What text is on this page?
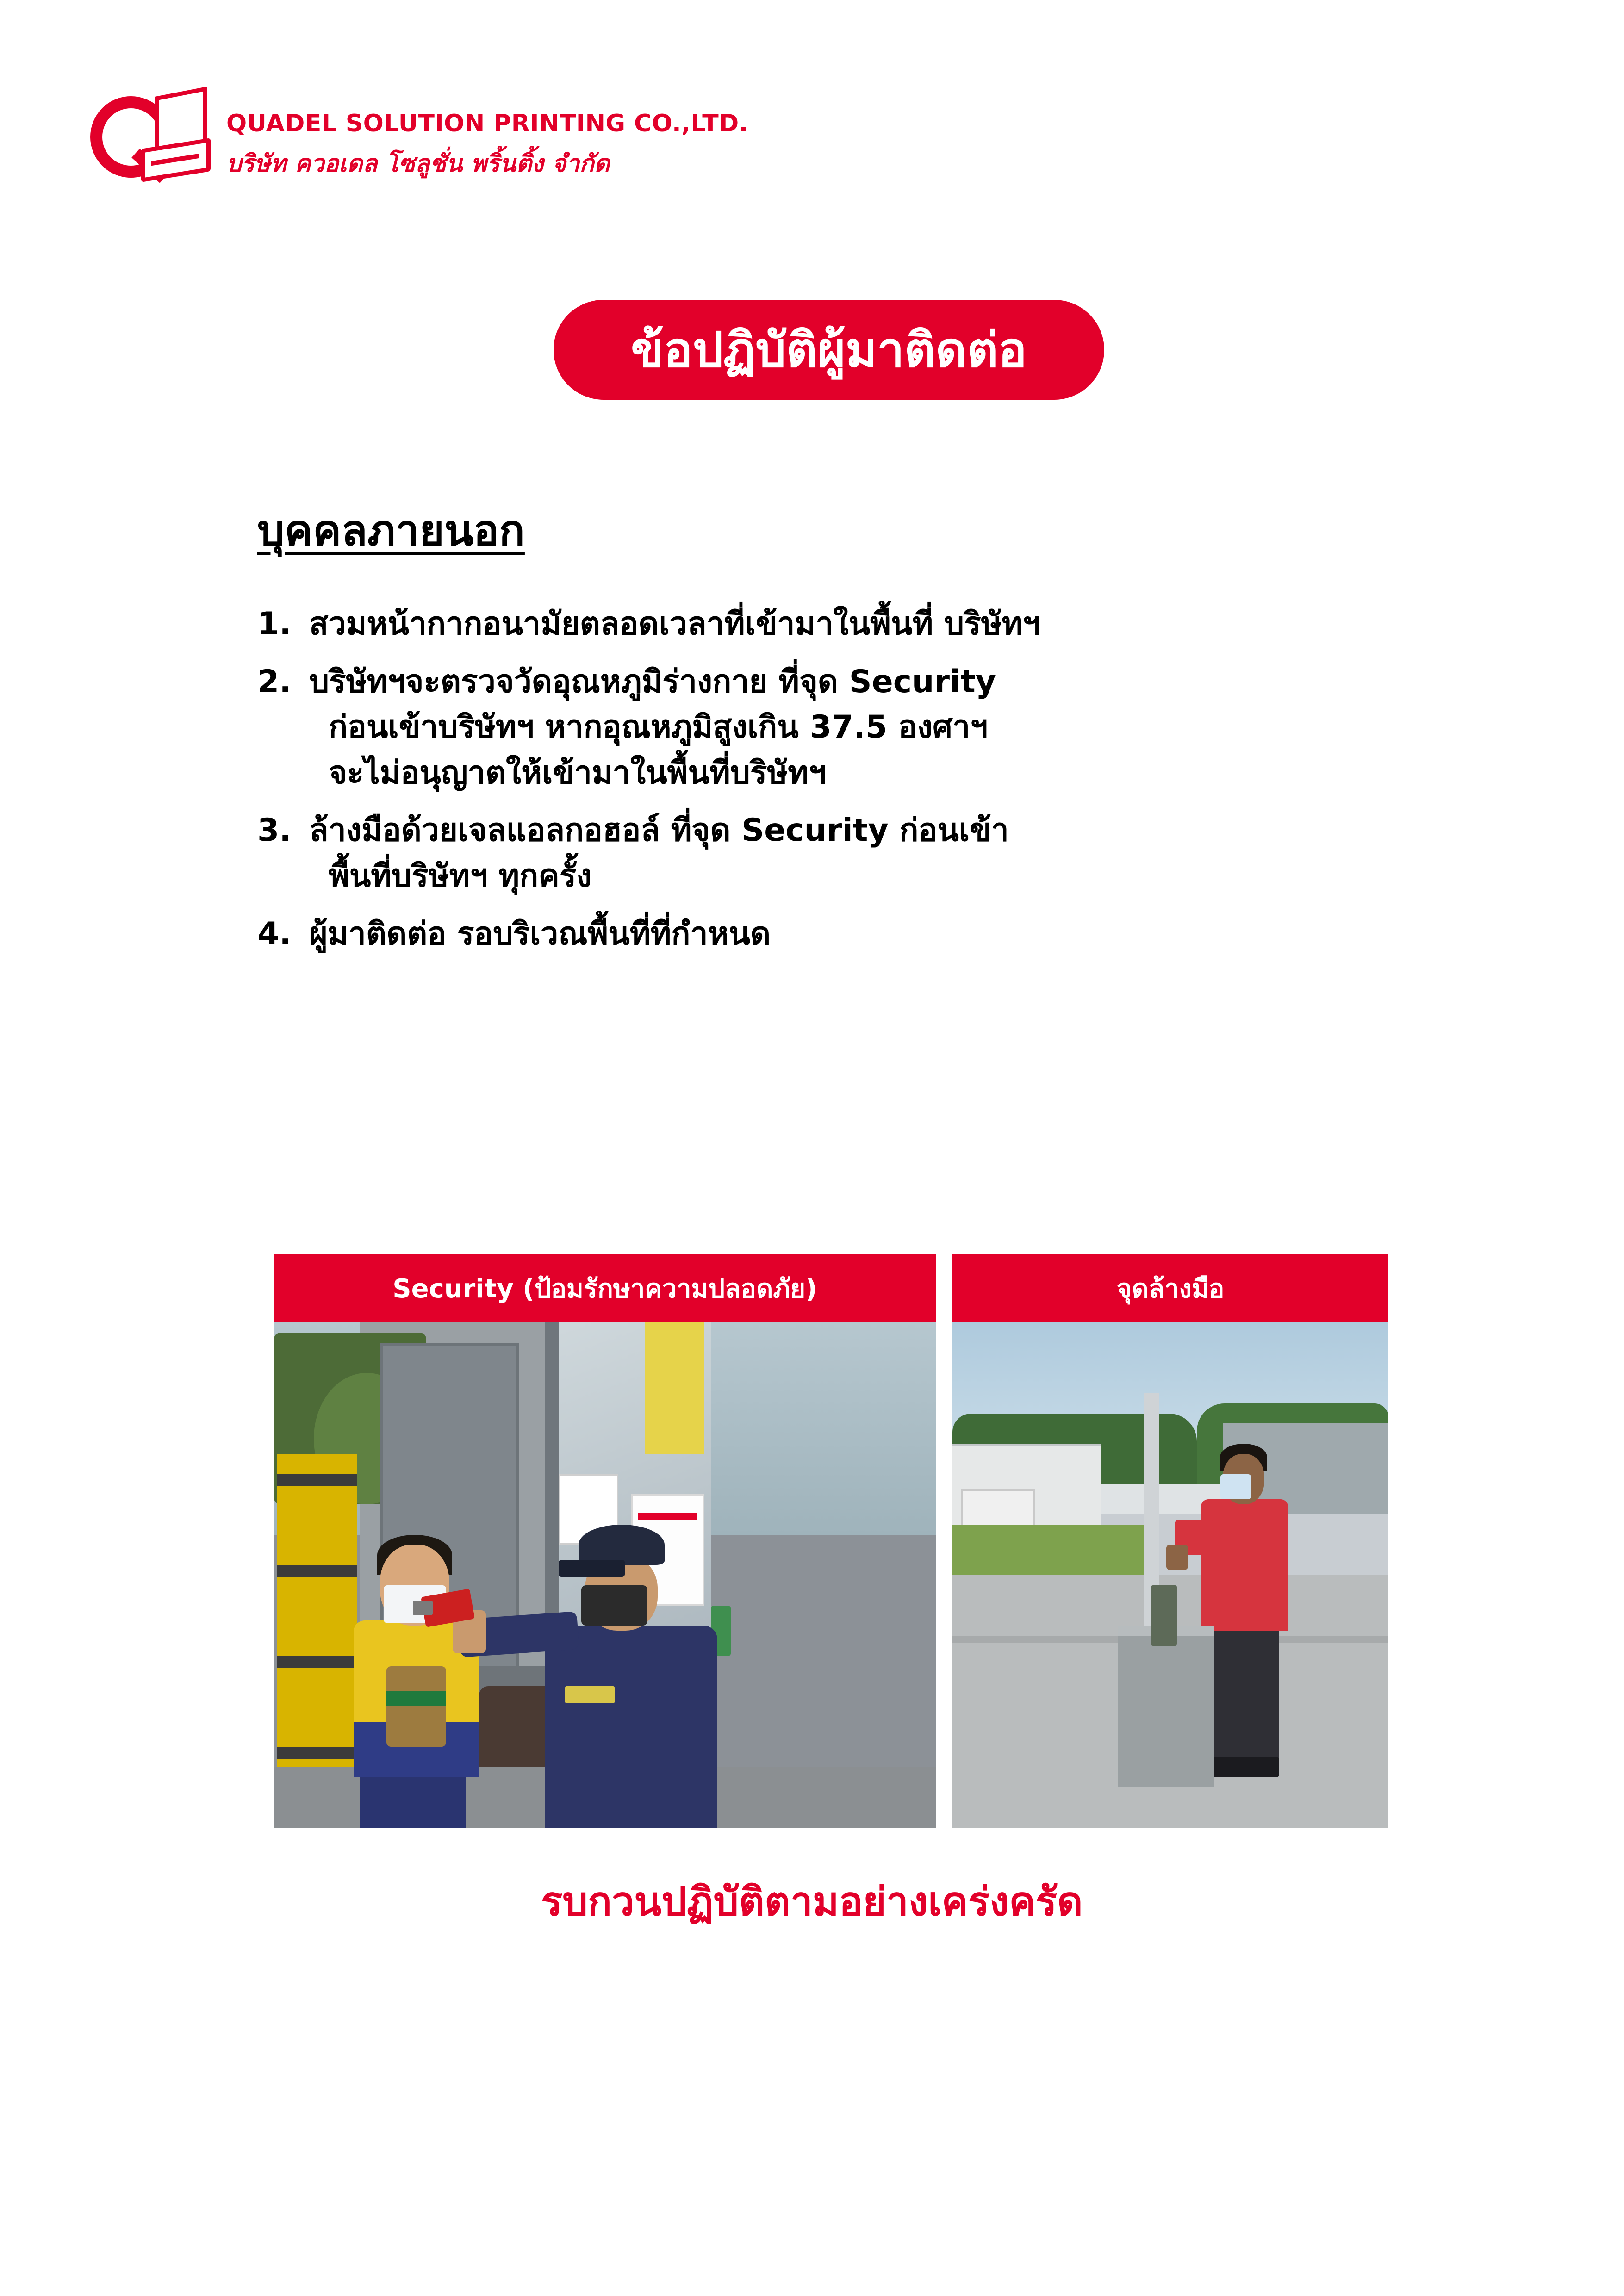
QUADEL SOLUTION PRINTING CO.,LTD.
บริษัท ควอเดล โซลูชั่น พริ้นติ้ง จำกัด
ข้อปฏิบัติผู้มาติดต่อ
บุคคลภายนอก
1. สวมหน้ากากอนามัยตลอดเวลาที่เข้ามาในพื้นที่ บริษัทฯ
2. บริษัทฯจะตรวจวัดอุณหภูมิร่างกาย ที่จุด Security
ก่อนเข้าบริษัทฯ หากอุณหภูมิสูงเกิน 37.5 องศาฯ
จะไม่อนุญาตให้เข้ามาในพื้นที่บริษัทฯ
3. ล้างมือด้วยเจลแอลกอฮอล์ ที่จุด Security ก่อนเข้า
พื้นที่บริษัทฯ ทุกครั้ง
4. ผู้มาติดต่อ รอบริเวณพื้นที่ที่กำหนด
Security (ป้อมรักษาความปลอดภัย)	จุดล้างมือ
รบกวนปฏิบัติตามอย่างเคร่งครัด
